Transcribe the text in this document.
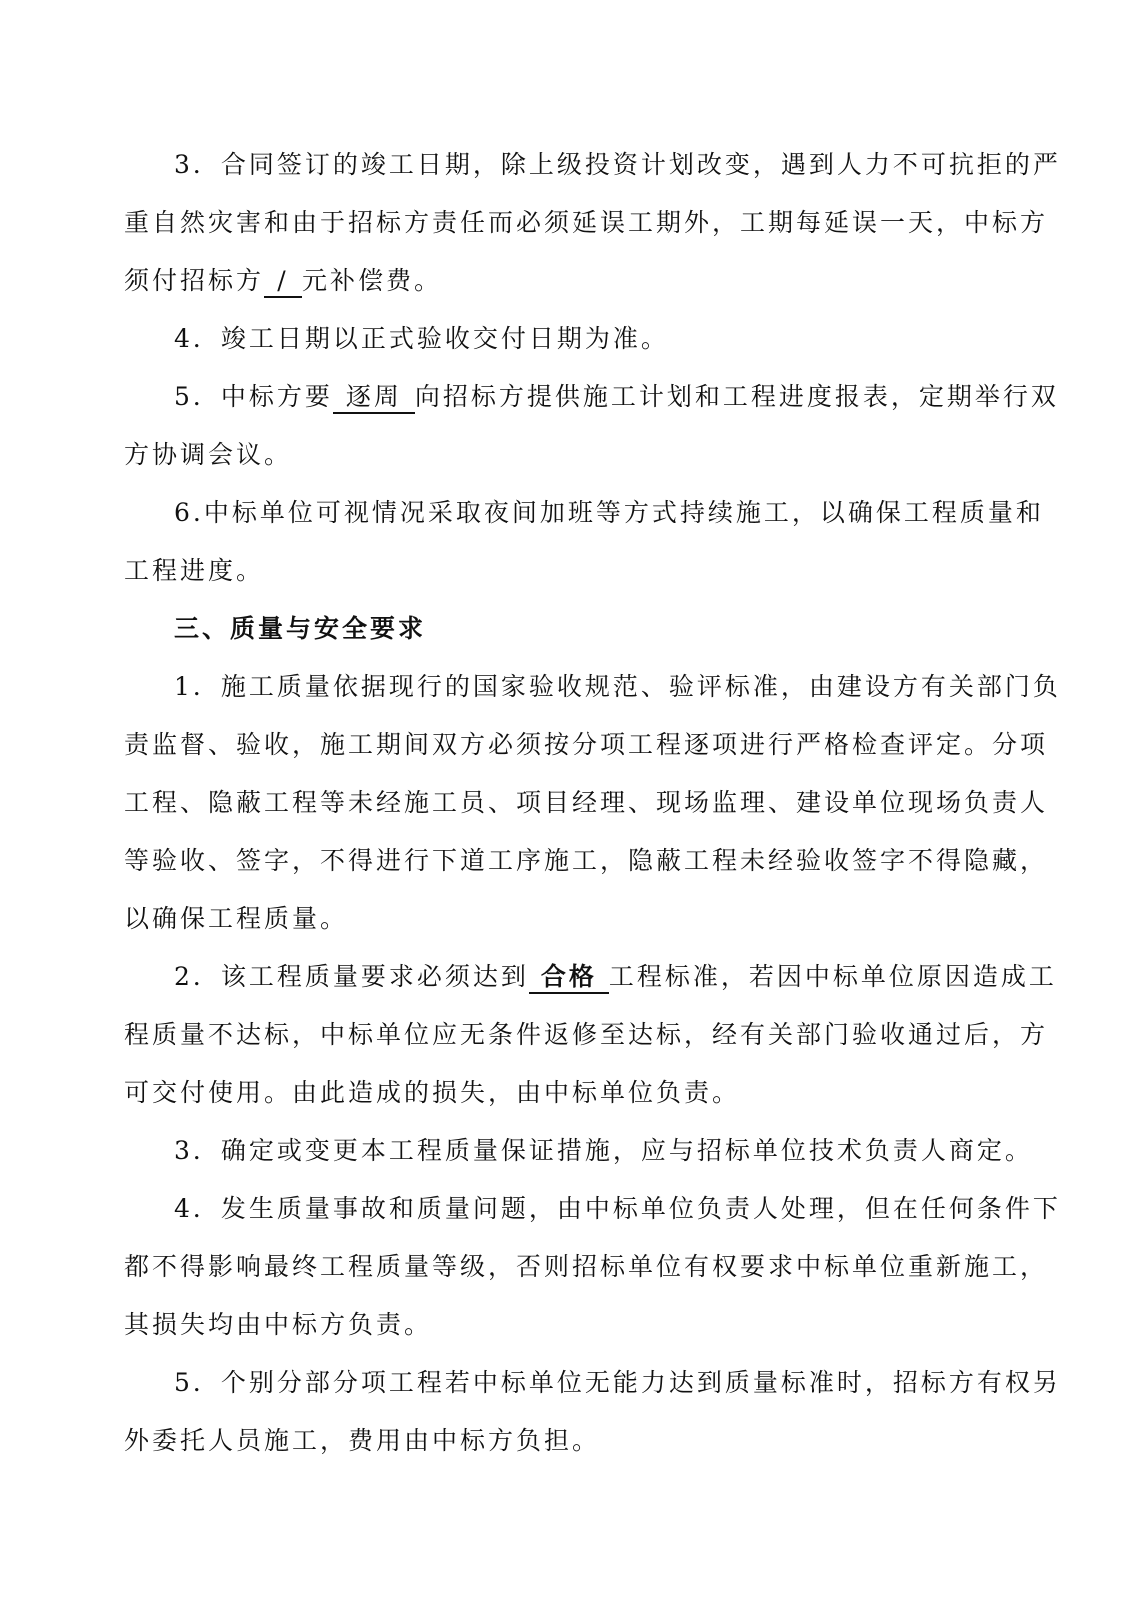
3．合同签订的竣工日期，除上级投资计划改变，遇到人力不可抗拒的严
重自然灾害和由于招标方责任而必须延误工期外，工期每延误一天，中标方
须付招标方 / 元补偿费。
4．竣工日期以正式验收交付日期为准。
5．中标方要 逐周 向招标方提供施工计划和工程进度报表，定期举行双
方协调会议。
6.中标单位可视情况采取夜间加班等方式持续施工，以确保工程质量和
工程进度。
三、质量与安全要求
1．施工质量依据现行的国家验收规范、验评标准，由建设方有关部门负
责监督、验收，施工期间双方必须按分项工程逐项进行严格检查评定。分项
工程、隐蔽工程等未经施工员、项目经理、现场监理、建设单位现场负责人
等验收、签字，不得进行下道工序施工，隐蔽工程未经验收签字不得隐藏，
以确保工程质量。
2．该工程质量要求必须达到 合格 工程标准，若因中标单位原因造成工
程质量不达标，中标单位应无条件返修至达标，经有关部门验收通过后，方
可交付使用。由此造成的损失，由中标单位负责。
3．确定或变更本工程质量保证措施，应与招标单位技术负责人商定。
4．发生质量事故和质量问题，由中标单位负责人处理，但在任何条件下
都不得影响最终工程质量等级，否则招标单位有权要求中标单位重新施工，
其损失均由中标方负责。
5．个别分部分项工程若中标单位无能力达到质量标准时，招标方有权另
外委托人员施工，费用由中标方负担。
